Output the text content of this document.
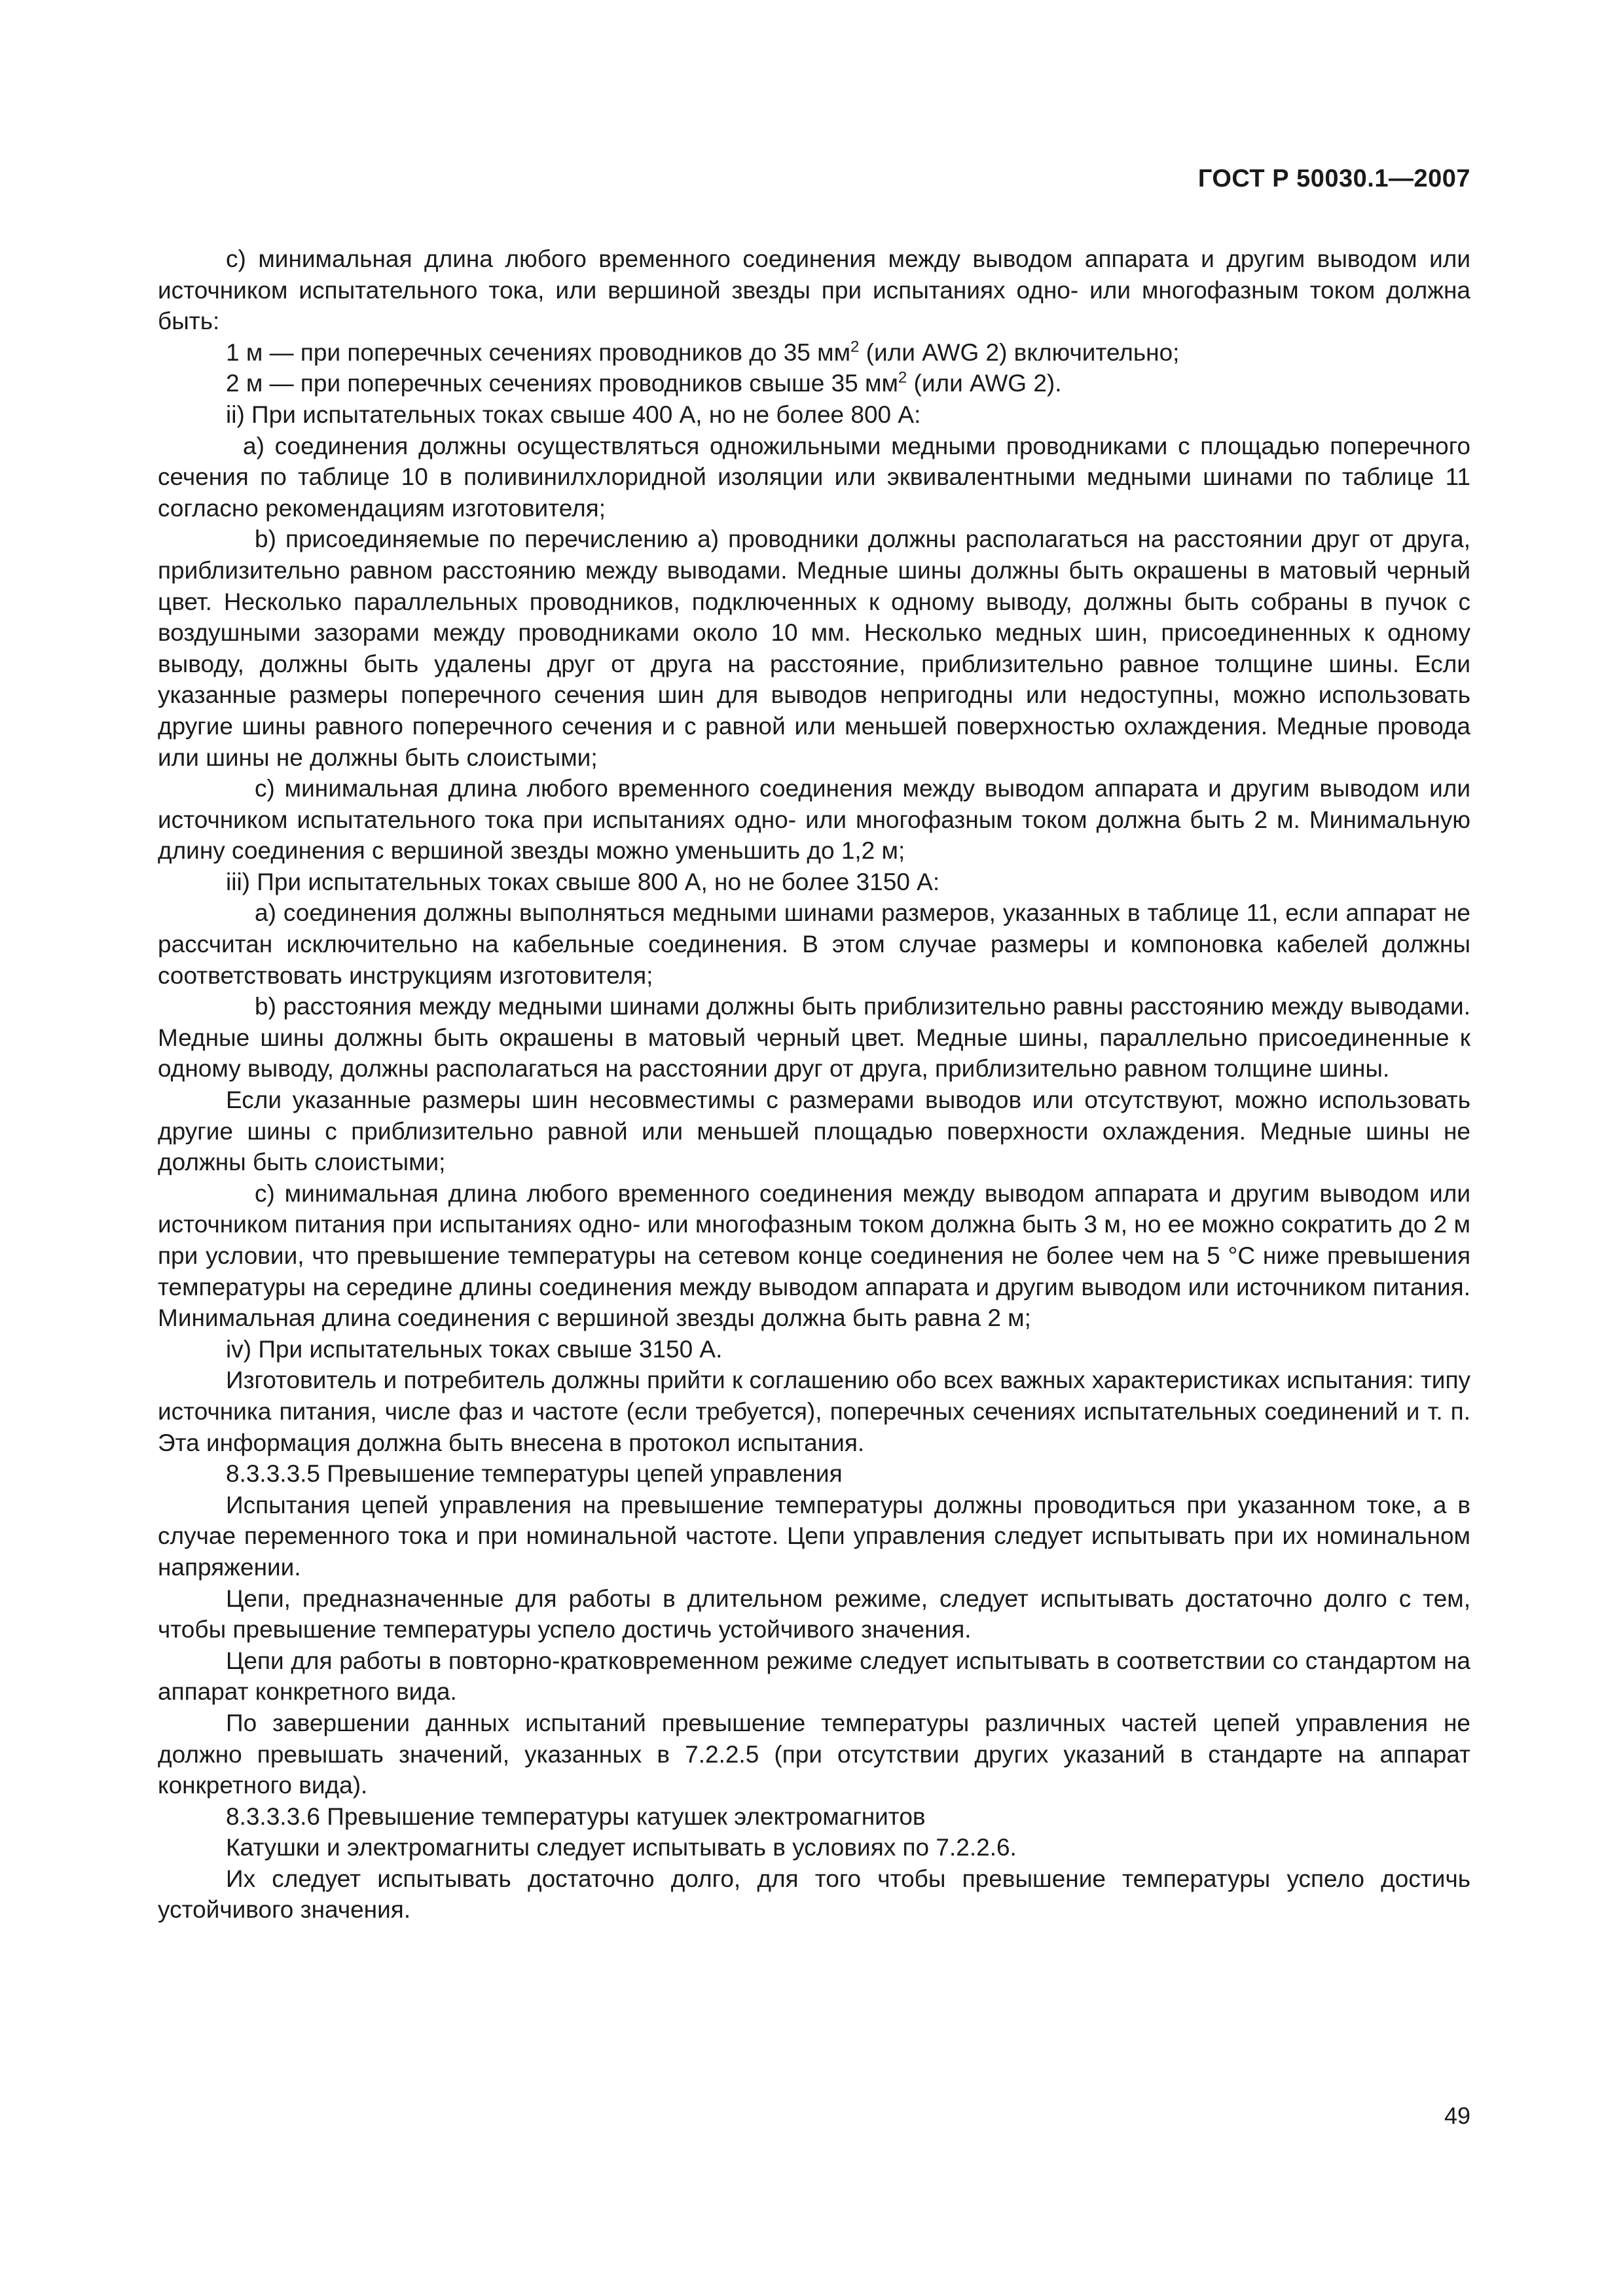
ГОСТ Р 50030.1—2007

с) минимальная длина любого временного соединения между выводом аппарата и другим выводом или источником испытательного тока, или вершиной звезды при испытаниях одно- или многофазным током должна быть:

1 м — при поперечных сечениях проводников до 35 $мм^2$ (или AWG 2) включительно;

2 м — при поперечных сечениях проводников свыше 35 $мм^2$ (или AWG 2).

ii) При испытательных токах свыше 400 А, но не более 800 А:

а) соединения должны осуществляться одножильными медными проводниками с площадью поперечного сечения по таблице 10 в поливинилхлоридной изоляции или эквивалентными медными шинами по таблице 11 согласно рекомендациям изготовителя;

b) присоединяемые по перечислению а) проводники должны располагаться на расстоянии друг от друга, приблизительно равном расстоянию между выводами. Медные шины должны быть окрашены в матовый черный цвет. Несколько параллельных проводников, подключенных к одному выводу, должны быть собраны в пучок с воздушными зазорами между проводниками около 10 мм. Несколько медных шин, присоединенных к одному выводу, должны быть удалены друг от друга на расстояние, приблизительно равное толщине шины. Если указанные размеры поперечного сечения шин для выводов непригодны или недоступны, можно использовать другие шины равного поперечного сечения и с равной или меньшей поверхностью охлаждения. Медные провода или шины не должны быть слоистыми;

с) минимальная длина любого временного соединения между выводом аппарата и другим выводом или источником испытательного тока при испытаниях одно- или многофазным током должна быть 2 м. Минимальную длину соединения с вершиной звезды можно уменьшить до 1,2 м;

iii) При испытательных токах свыше 800 А, но не более 3150 А:

а) соединения должны выполняться медными шинами размеров, указанных в таблице 11, если аппарат не рассчитан исключительно на кабельные соединения. В этом случае размеры и компоновка кабелей должны соответствовать инструкциям изготовителя;

b) расстояния между медными шинами должны быть приблизительно равны расстоянию между выводами. Медные шины должны быть окрашены в матовый черный цвет. Медные шины, параллельно присоединенные к одному выводу, должны располагаться на расстоянии друг от друга, приблизительно равном толщине шины.

Если указанные размеры шин несовместимы с размерами выводов или отсутствуют, можно использовать другие шины с приблизительно равной или меньшей площадью поверхности охлаждения. Медные шины не должны быть слоистыми;

с) минимальная длина любого временного соединения между выводом аппарата и другим выводом или источником питания при испытаниях одно- или многофазным током должна быть 3 м, но ее можно сократить до 2 м при условии, что превышение температуры на сетевом конце соединения не более чем на 5 °С ниже превышения температуры на середине длины соединения между выводом аппарата и другим выводом или источником питания. Минимальная длина соединения с вершиной звезды должна быть равна 2 м;

iv) При испытательных токах свыше 3150 А.

Изготовитель и потребитель должны прийти к соглашению обо всех важных характеристиках испытания: типу источника питания, числе фаз и частоте (если требуется), поперечных сечениях испытательных соединений и т. п. Эта информация должна быть внесена в протокол испытания.

8.3.3.3.5 Превышение температуры цепей управления

Испытания цепей управления на превышение температуры должны проводиться при указанном токе, а в случае переменного тока и при номинальной частоте. Цепи управления следует испытывать при их номинальном напряжении.

Цепи, предназначенные для работы в длительном режиме, следует испытывать достаточно долго с тем, чтобы превышение температуры успело достичь устойчивого значения.

Цепи для работы в повторно-кратковременном режиме следует испытывать в соответствии со стандартом на аппарат конкретного вида.

По завершении данных испытаний превышение температуры различных частей цепей управления не должно превышать значений, указанных в 7.2.2.5 (при отсутствии других указаний в стандарте на аппарат конкретного вида).

8.3.3.3.6 Превышение температуры катушек электромагнитов

Катушки и электромагниты следует испытывать в условиях по 7.2.2.6.

Их следует испытывать достаточно долго, для того чтобы превышение температуры успело достичь устойчивого значения.

49
